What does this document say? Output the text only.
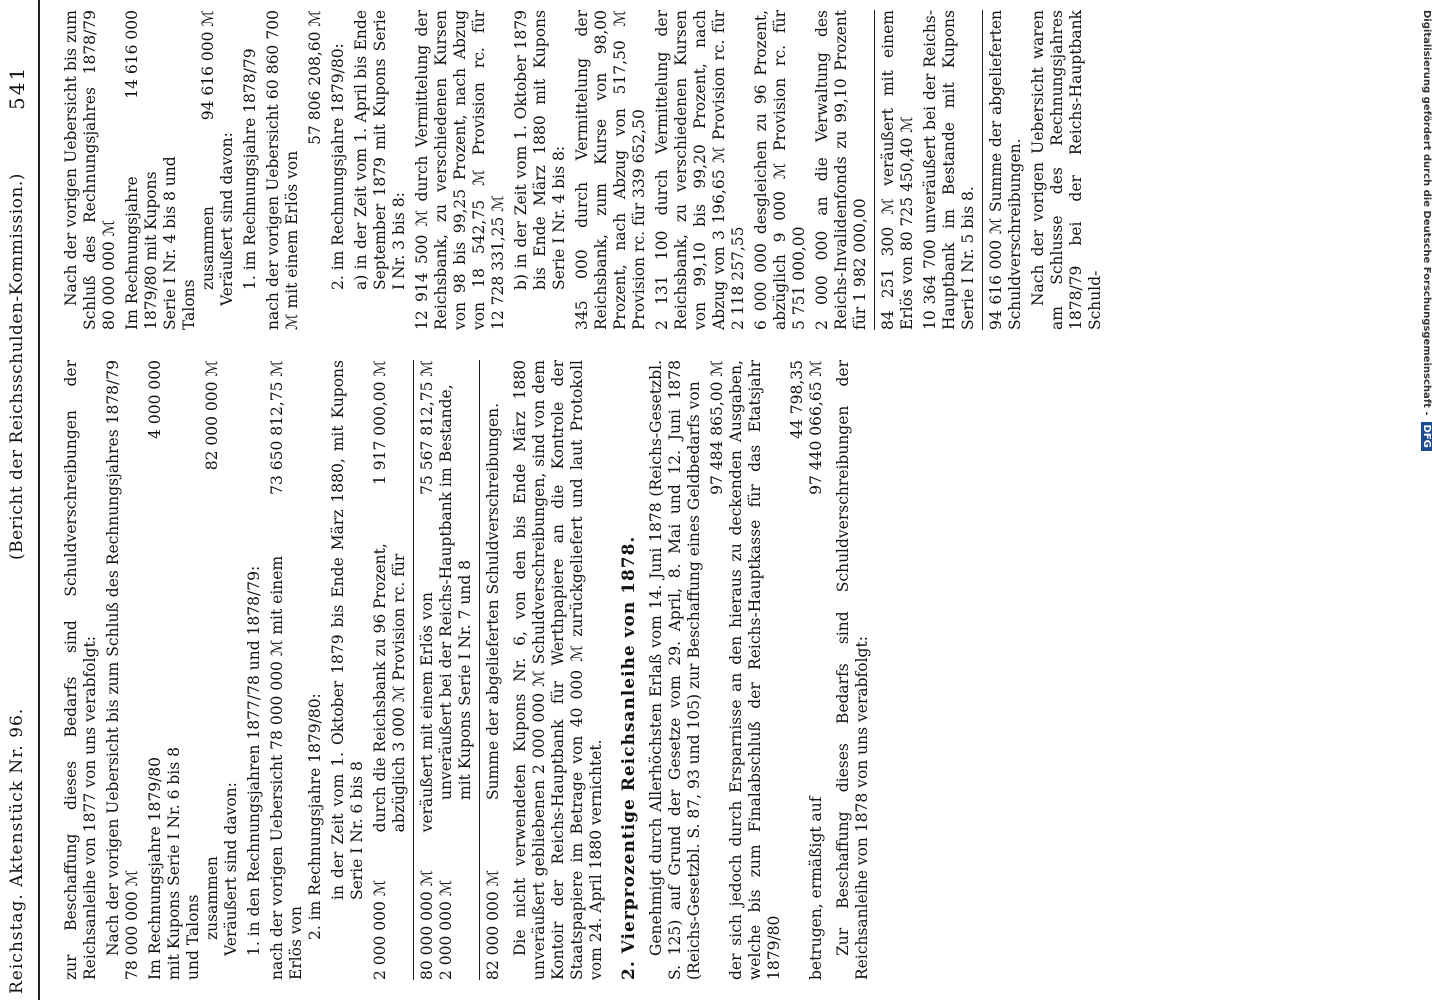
Reichstag. Aktenstück Nr. 96.
(Bericht der Reichsschulden-Kommission.)
541

zur Beschaffung dieses Bedarfs sind Schuldverschreibungen der Reichsanleihe von 1877 von uns verabfolgt: Nach der vorigen Uebersicht bis zum Schluß des Rechnungsjahres 1878/79 78 000 000 ℳ Im Rechnungsjahre 1879/80 mit Kupons Serie I Nr. 6 bis 8 und Talons
4 000 000
zusammen
82 000 000 ℳ

Veräußert sind davon: 1. in den Rechnungsjahren 1877/78 und 1878/79: nach der vorigen Uebersicht 78 000 000 ℳ mit einem Erlös von
73 650 812,75 ℳ

2. im Rechnungsjahre 1879/80: in der Zeit vom 1. Oktober 1879 bis Ende März 1880, mit Kupons Serie I Nr. 6 bis 8

2 000 000 ℳ
durch die Reichsbank zu 96 Prozent, abzüglich 3 000 ℳ Provision rc. für
1 917 000,00 ℳ
80 000 000 ℳ
veräußert mit einem Erlös von
75 567 812,75 ℳ
2 000 000 ℳ
unveräußert bei der Reichs-Hauptbank im Bestande, mit Kupons Serie I Nr. 7 und 8
82 000 000 ℳ
Summe der abgelieferten Schuldverschreibungen. Die nicht verwendeten Kupons Nr. 6, von den bis Ende März 1880 unveräußert gebliebenen 2 000 000 ℳ Schuldverschreibungen, sind von dem Kontoir der Reichs-Hauptbank für Werthpapiere an die Kontrole der Staatspapiere im Betrage von 40 000 ℳ zurückgeliefert und laut Protokoll vom 24. April 1880 vernichtet. 2. Vierprozentige Reichsanleihe von 1878. Genehmigt durch Allerhöchsten Erlaß vom 14. Juni 1878 (Reichs-Gesetzbl. S. 125) auf Grund der Gesetze vom 29. April, 8. Mai und 12. Juni 1878 (Reichs-Gesetzbl. S. 87, 93 und 105) zur Beschaffung eines Geldbedarfs von 97 484 865,00 ℳ der sich jedoch durch Ersparnisse an den hieraus zu deckenden Ausgaben, welche bis zum Finalabschluß der Reichs-Hauptkasse für das Etatsjahr 1879/80

44 798,35
betrugen, ermäßigt auf
97 440 066,65 ℳ Zur Beschaffung dieses Bedarfs sind Schuldverschreibungen der Reichsanleihe von 1878 von uns verabfolgt:

Nach der vorigen Uebersicht bis zum Schluß des Rechnungsjahres 1878/79 80 000 000 ℳ Im Rechnungsjahre 1879/80 mit Kupons Serie I Nr. 4 bis 8 und Talons
14 616 000
zusammen
94 616 000 ℳ

Veräußert sind davon: 1. im Rechnungsjahre 1878/79 nach der vorigen Uebersicht 60 860 700 ℳ mit einem Erlös von

57 806 208,60 ℳ 2. im Rechnungsjahre 1879/80: a) in der Zeit vom 1. April bis Ende September 1879 mit Kupons Serie I Nr. 3 bis 8: 12 914 500 ℳ durch Vermittelung der Reichsbank, zu verschiedenen Kursen von 98 bis 99,25 Prozent, nach Abzug von 18 542,75 ℳ Provision rc. für 12 728 331,25 ℳ b) in der Zeit vom 1. Oktober 1879 bis Ende März 1880 mit Kupons Serie I Nr. 4 bis 8: 345 000 durch Vermittelung der Reichsbank, zum Kurse von 98,00 Prozent, nach Abzug von 517,50 ℳ Provision rc. für 339 652,50

2 131 100 durch Vermittelung der Reichsbank, zu verschiedenen Kursen von 99,10 bis 99,20 Prozent, nach Abzug von 3 196,65 ℳ Provision rc. für 2 118 257,55 6 000 000 desgleichen zu 96 Prozent, abzüglich 9 000 ℳ Provision rc. für 5 751 000,00 2 000 000 an die Verwaltung des Reichs-Invalidenfonds zu 99,10 Prozent für 1 982 000,00 84 251 300 ℳ veräußert mit einem Erlös von 80 725 450,40 ℳ

10 364 700 unveräußert bei der Reichs-Hauptbank im Bestande mit Kupons Serie I Nr. 5 bis 8. 94 616 000 ℳ Summe der abgelieferten Schuldverschreibungen. Nach der vorigen Uebersicht waren am Schlusse des Rechnungsjahres 1878/79 bei der Reichs-Hauptbank Schuld-	Digitalisierung gefördert durch die Deutsche Forschungsgemeinschaft -DFG
